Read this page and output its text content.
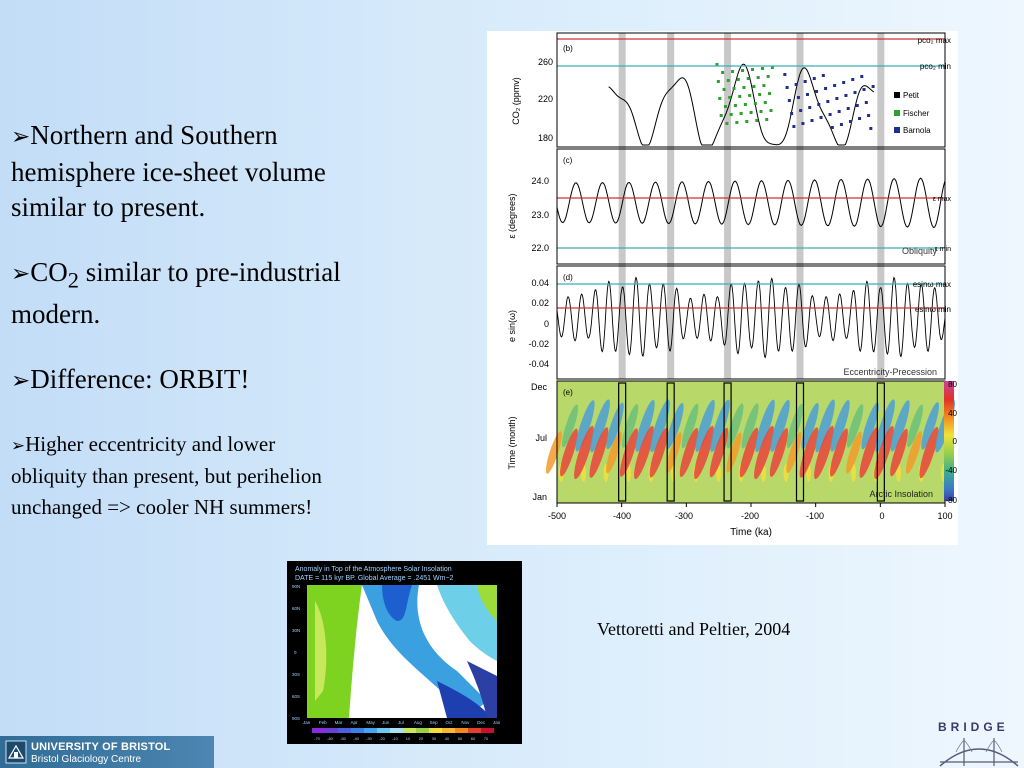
➢Northern and Southern hemisphere ice-sheet volume similar to present.
$➢CO_2$ similar to pre-industrial modern.
➢Difference: ORBIT!
➢Higher eccentricity and lower obliquity than present, but perihelion unchanged => cooler NH summers!
(b)
260
220
180
CO₂ (ppmv)
pco₂ max
pco₂ min
Petit
Fischer
Barnola
(c)
24.0
23.0
22.0
ε (degrees)	ε max
ε min
Obliquity
(d)
0.04
0.02
0
-0.02
-0.04
e sin(ω)
esinω max
esinω min
Eccentricity-Precession
(e)
Dec
Jul
Jan
Time (month)
Arctic Insolation
80
40
0
-40
-80
-500	-400	-300	-200	-100	0	100
Time (ka)
Anomaly in Top of the Atmosphere Solar Insolation
DATE = 115 kyr BP. Global Average = .2451 Wm−2
90N
60N
30N
0
30S
60S
90S
Jan Feb Mar Apr May Jun Jul Aug Sep Oct Nov Dec Jan
-70 -60 -50 -40 -30 -20 -10 10 20 30 40 50 60 70
Vettoretti and Peltier, 2004
UNIVERSITY OF BRISTOL
Bristol Glaciology Centre
BRIDGE
